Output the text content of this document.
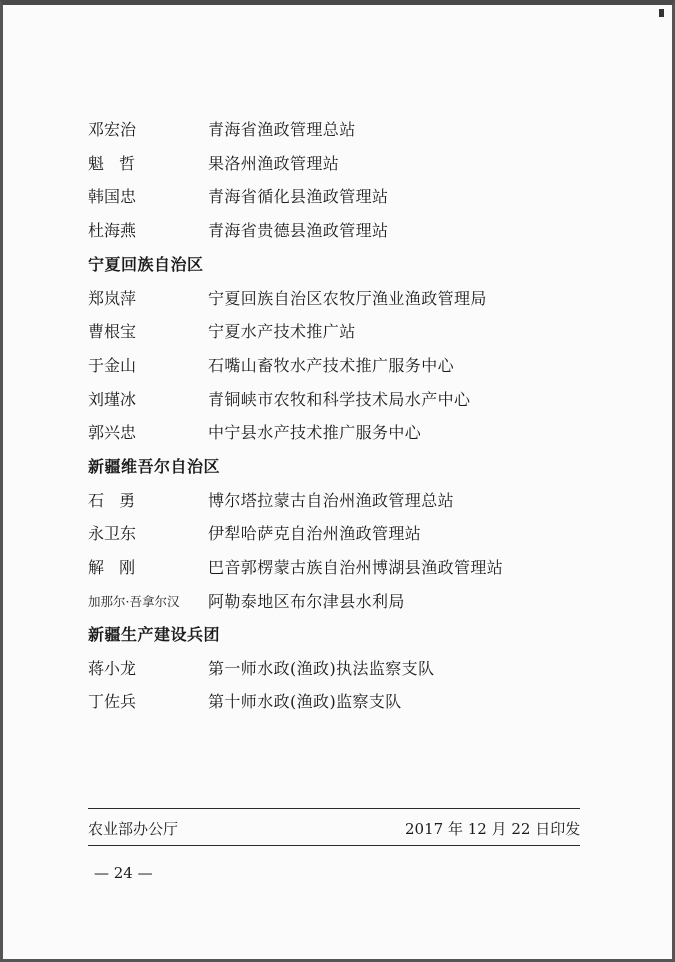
邓宏治	青海省渔政管理总站
魁 哲	果洛州渔政管理站
韩国忠	青海省循化县渔政管理站
杜海燕	青海省贵德县渔政管理站
宁夏回族自治区
郑岚萍	宁夏回族自治区农牧厅渔业渔政管理局
曹根宝	宁夏水产技术推广站
于金山	石嘴山畜牧水产技术推广服务中心
刘瑾冰	青铜峡市农牧和科学技术局水产中心
郭兴忠	中宁县水产技术推广服务中心
新疆维吾尔自治区
石 勇	博尔塔拉蒙古自治州渔政管理总站
永卫东	伊犁哈萨克自治州渔政管理站
解 刚	巴音郭楞蒙古族自治州博湖县渔政管理站
加那尔·吾拿尔汉	阿勒泰地区布尔津县水利局
新疆生产建设兵团
蒋小龙	第一师水政(渔政)执法监察支队
丁佐兵	第十师水政(渔政)监察支队
农业部办公厅	2017 年 12 月 22 日印发
— 24 —
